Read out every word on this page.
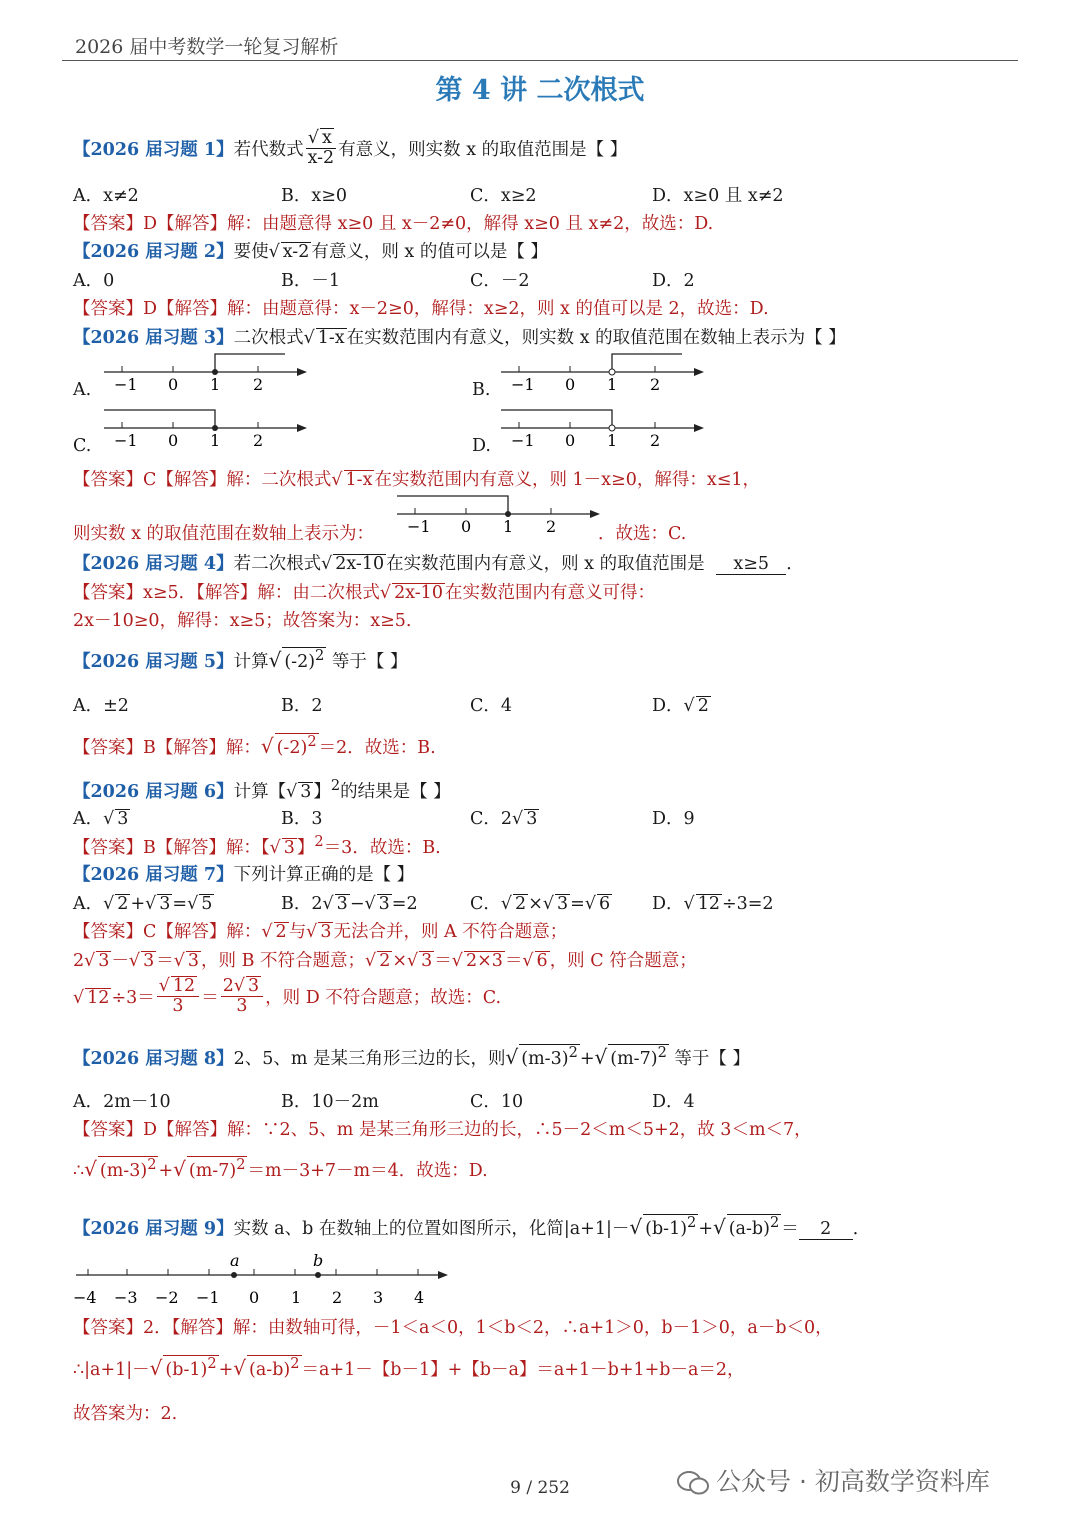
2026 届中考数学一轮复习解析
第 4 讲 二次根式
【2026 届习题 1】 若代数式 $\frac{√ x}{x-2}$ 有意义，则实数 x 的取值范围是【 】
A．x≠2	B．x≥0	C．x≥2	D．x≥0 且 x≠2
【答案】D【解答】解：由题意得 x≥0 且 x－2≠0，解得 x≥0 且 x≠2，故选：D.
【2026 届习题 2】要使√ x-2 有意义，则 x 的值可以是【 】
A．0	B．－1	C．－2	D．2
【答案】D【解答】解：由题意得：x－2≥0，解得：x≥2，则 x 的值可以是 2，故选：D.
【2026 届习题 3】二次根式√ 1-x 在实数范围内有意义，则实数 x 的取值范围在数轴上表示为【 】
A. −1 0 1 2	B. −1 0 1 2
C. −1 0 1 2	D. −1 0 1 2
【答案】C【解答】解：二次根式√ 1-x 在实数范围内有意义，则 1－x≥0，解得：x≤1，
则实数 x 的取值范围在数轴上表示为： −1 0 1 2 ．故选：C.
【2026 届习题 4】若二次根式√ 2x-10 在实数范围内有意义，则 x 的取值范围是 x≥5 ．
【答案】x≥5．【解答】解：由二次根式√ 2x-10 在实数范围内有意义可得：
2x－10≥0，解得：x≥5；故答案为：x≥5.
【2026 届习题 5】计算√ $(-2)^2$ 等于【 】
A．±2	B．2	C．4	D．√ 2
【答案】B【解答】解：√ $(-2)^2 =2$．故选：B.
【2026 届习题 6】计算【√ 3 】$^2$的结果是【 】
A．√ 3	B．3	C．2√ 3	D．9
【答案】B【解答】解：【√ 3 】$^2$＝3．故选：B.
【2026 届习题 7】下列计算正确的是【 】
A．√ 2 +√ 3 =√ 5	B．2√ 3 −√ 3 =2	C．√ 2 ×√ 3 =√ 6 D．√ 12 ÷3=2
【答案】C【解答】解：√ 2 与√ 3 无法合并，则 A 不符合题意；
2√ 3 －√ 3 ＝√ 3 ，则 B 不符合题意；√ 2 ×√ 3 ＝√ 2×3 ＝√ 6 ，则 C 符合题意；
√ $12 \div 3= \frac{√ 12}{3} = \frac{2√ 3}{3}$ ，则 D 不符合题意；故选：C.
【2026 届习题 8】2、5、m 是某三角形三边的长，则√ $(m-3)^2$ +√ $(m-7)^2$ 等于【 】
A．2m－10	B．10－2m	C．10	D．4
【答案】D【解答】解：∵2、5、m 是某三角形三边的长，∴5－2＜m＜5+2，故 3＜m＜7，
∴√ $(m-3)^2$ +√ $(m-7)^2 =m-3+7-m=4$．故选：D.
【2026 届习题 9】实数 a、b 在数轴上的位置如图所示，化简|a+1|－√ $(b-1)^2$ +√ $(a-b)^2 = 2$ ．
a	b
−4 −3 −2 −1 0 1 2 3 4
【答案】2．【解答】解：由数轴可得，－1＜a＜0，1＜b＜2，∴a+1＞0，b－1＞0，a－b＜0，
∴|a+1|－√ $(b-1)^2$ +√ $(a-b)^2 =a+1-$【b－1】+【b－a】＝a+1－b+1+b－a＝2，
故答案为：2.
9 / 252	公众号 · 初高数学资料库
